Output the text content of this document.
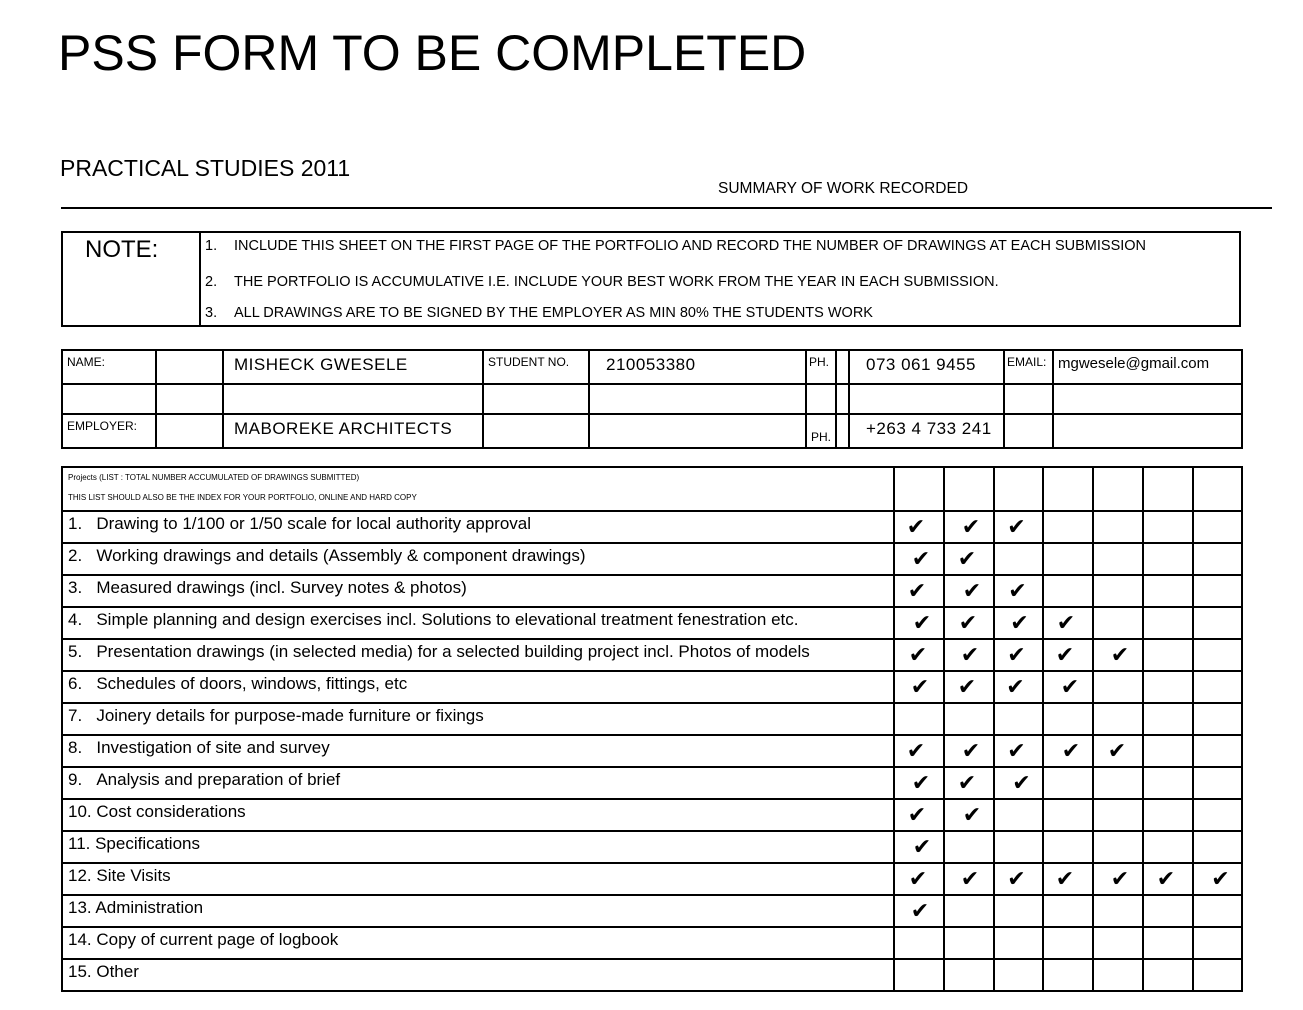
PSS FORM TO BE COMPLETED
PRACTICAL STUDIES 2011
SUMMARY OF WORK RECORDED
NOTE:	1. INCLUDE THIS SHEET ON THE FIRST PAGE OF THE PORTFOLIO AND RECORD THE NUMBER OF DRAWINGS AT EACH SUBMISSION
2. THE PORTFOLIO IS ACCUMULATIVE I.E. INCLUDE YOUR BEST WORK FROM THE YEAR IN EACH SUBMISSION.
3. ALL DRAWINGS ARE TO BE SIGNED BY THE EMPLOYER AS MIN 80% THE STUDENTS WORK
NAME:		MISHECK GWESELE	STUDENT NO.	210053380	PH.		073 061 9455	EMAIL:	mgwesele@gmail.com

EMPLOYER:		MABOREKE ARCHITECTS			PH.		+263 4 733 241		
Projects (LIST : TOTAL NUMBER ACCUMULATED OF DRAWINGS SUBMITTED)
THIS LIST SHOULD ALSO BE THE INDEX FOR YOUR PORTFOLIO, ONLINE AND HARD COPY							

1.   Drawing to 1/100 or 1/50 scale for local authority approval	✔	✔	✔				
2.   Working drawings and details (Assembly & component drawings)	✔	✔					
3.   Measured drawings (incl. Survey notes & photos)	✔	✔	✔				
4.   Simple planning and design exercises incl. Solutions to elevational treatment fenestration etc.	✔	✔	✔	✔			
5.   Presentation drawings (in selected media) for a selected building project incl. Photos of models	✔	✔	✔	✔	✔		
6.   Schedules of doors, windows, fittings, etc	✔	✔	✔	✔			
7.   Joinery details for purpose-made furniture or fixings							
8.   Investigation of site and survey	✔	✔	✔	✔	✔		
9.   Analysis and preparation of brief	✔	✔	✔				
10. Cost considerations	✔	✔					
11. Specifications	✔						
12. Site Visits	✔	✔	✔	✔	✔	✔	✔
13. Administration	✔						
14. Copy of current page of logbook							
15. Other							
